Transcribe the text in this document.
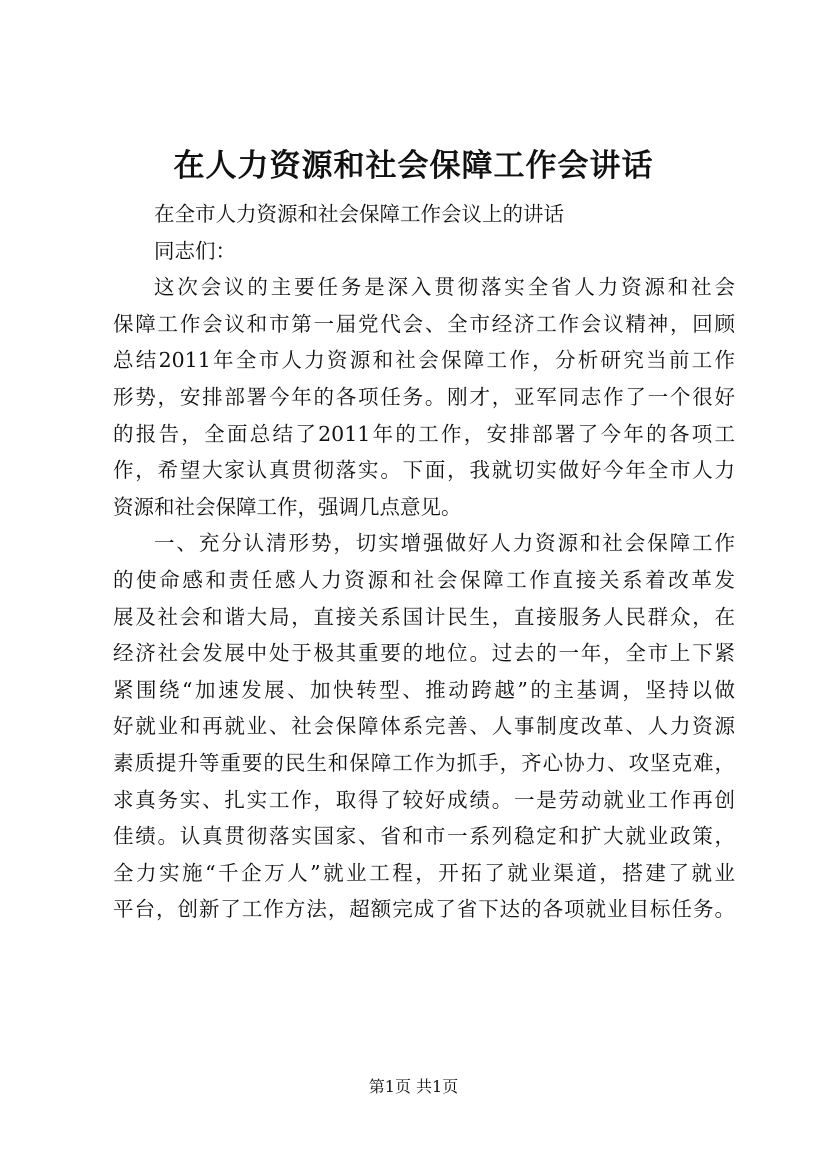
在人力资源和社会保障工作会讲话
在全市人力资源和社会保障工作会议上的讲话
同志们：
这次会议的主要任务是深入贯彻落实全省人力资源和社会
保障工作会议和市第一届党代会、全市经济工作会议精神，回顾
总结2011年全市人力资源和社会保障工作，分析研究当前工作
形势，安排部署今年的各项任务。刚才，亚军同志作了一个很好
的报告，全面总结了2011年的工作，安排部署了今年的各项工
作，希望大家认真贯彻落实。下面，我就切实做好今年全市人力
资源和社会保障工作，强调几点意见。
一、充分认清形势，切实增强做好人力资源和社会保障工作
的使命感和责任感人力资源和社会保障工作直接关系着改革发
展及社会和谐大局，直接关系国计民生，直接服务人民群众，在
经济社会发展中处于极其重要的地位。过去的一年，全市上下紧
紧围绕“加速发展、加快转型、推动跨越”的主基调，坚持以做
好就业和再就业、社会保障体系完善、人事制度改革、人力资源
素质提升等重要的民生和保障工作为抓手，齐心协力、攻坚克难，
求真务实、扎实工作，取得了较好成绩。一是劳动就业工作再创
佳绩。认真贯彻落实国家、省和市一系列稳定和扩大就业政策，
全力实施“千企万人”就业工程，开拓了就业渠道，搭建了就业
平台，创新了工作方法，超额完成了省下达的各项就业目标任务。
第1页 共1页
